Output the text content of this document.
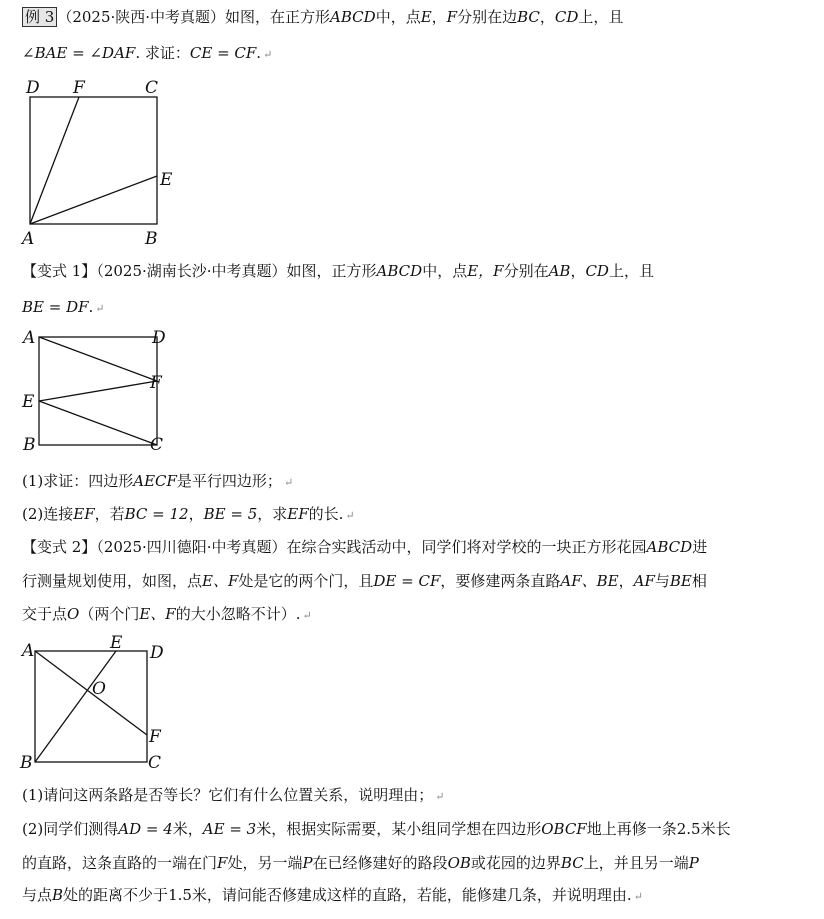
例 3 （2025·陕西·中考真题）如图，在正方形ABCD中，点E，F分别在边BC，CD上，且
∠BAE = ∠DAF. 求证：CE = CF. ↵
D F	C
E
A	B
【变式 1】（2025·湖南长沙·中考真题）如图，正方形ABCD中，点E，F分别在AB，CD上，且
BE = DF. ↵
A	D
F
E
B	C
(1)求证：四边形AECF是平行四边形； ↵
(2)连接EF，若BC = 12，BE = 5，求EF的长. ↵
【变式 2】（2025·四川德阳·中考真题）在综合实践活动中，同学们将对学校的一块正方形花园ABCD进
行测量规划使用，如图，点E、F处是它的两个门，且DE = CF，要修建两条直路AF、BE，AF与BE相
交于点O（两个门E、F的大小忽略不计）. ↵
A	E D
O
F
B	C
(1)请问这两条路是否等长？它们有什么位置关系，说明理由； ↵
(2)同学们测得AD = 4米，AE = 3米，根据实际需要，某小组同学想在四边形OBCF地上再修一条2.5米长
的直路，这条直路的一端在门F处，另一端P在已经修建好的路段OB或花园的边界BC上，并且另一端P
与点B处的距离不少于1.5米，请问能否修建成这样的直路，若能，能修建几条，并说明理由. ↵
